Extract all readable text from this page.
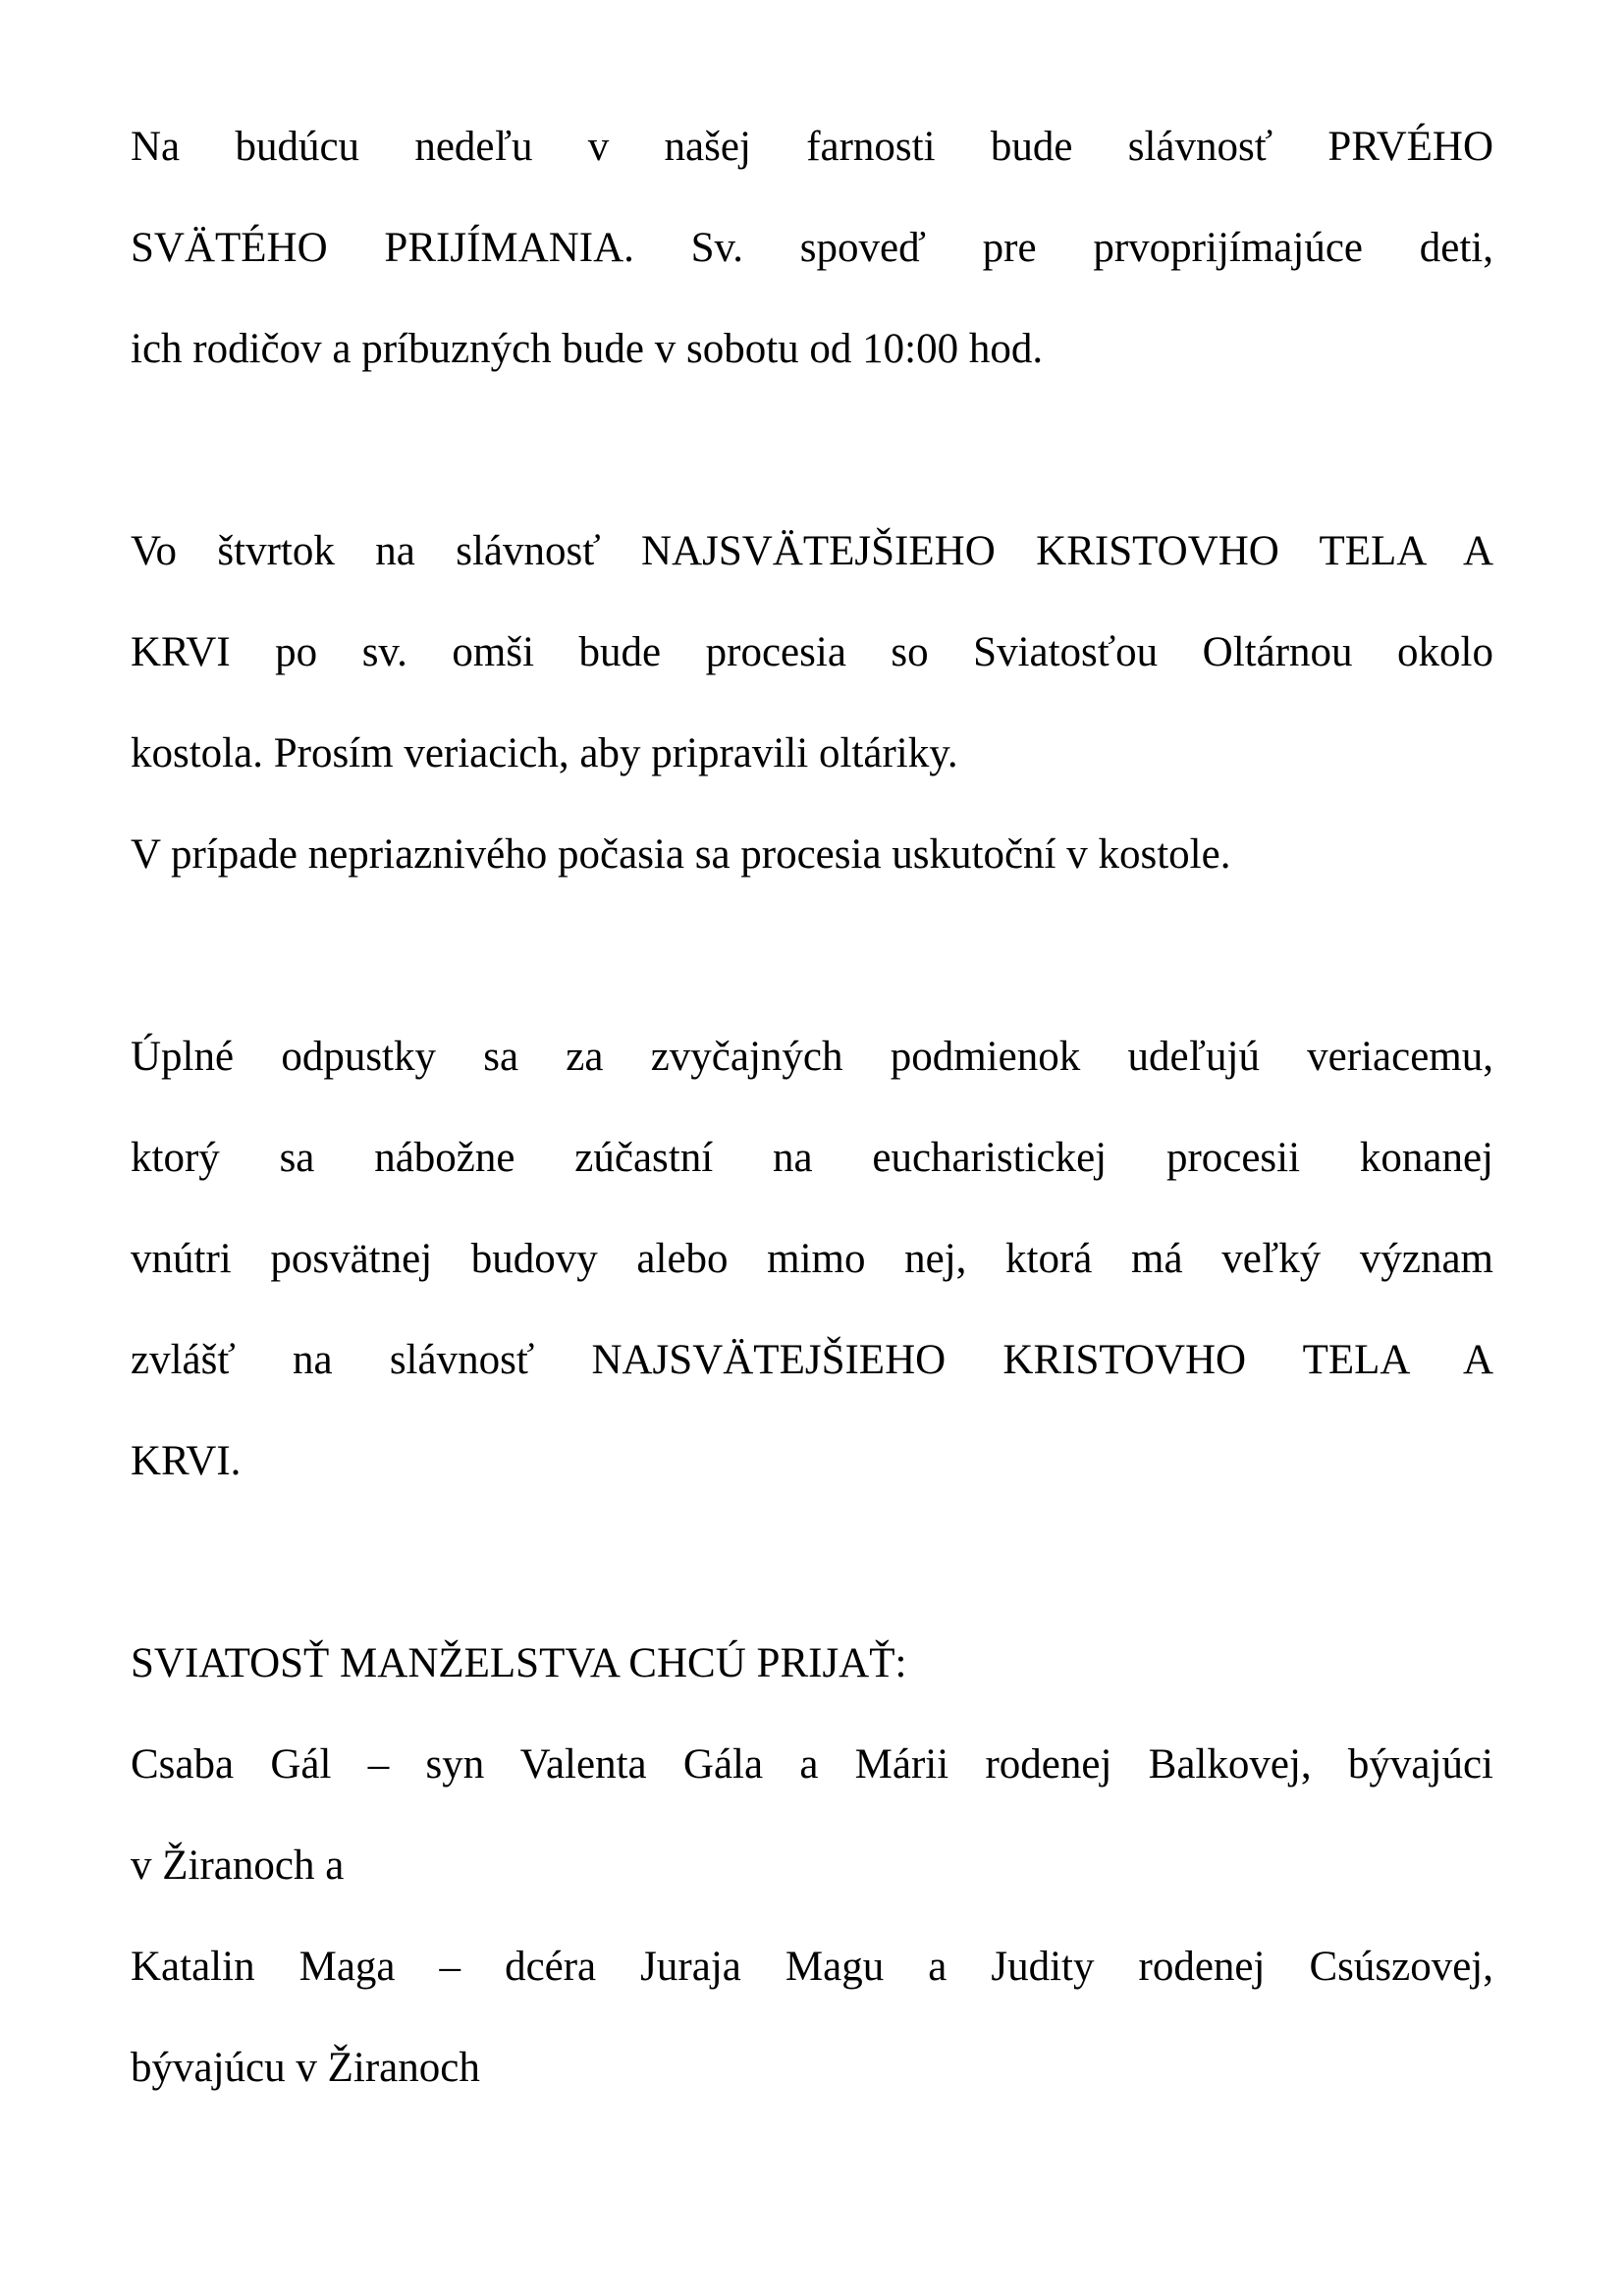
Na budúcu nedeľu v našej farnosti bude slávnosť PRVÉHO
SVÄTÉHO PRIJÍMANIA. Sv. spoveď pre prvoprijímajúce deti,
ich rodičov a príbuzných bude v sobotu od 10:00 hod.
Vo štvrtok na slávnosť NAJSVÄTEJŠIEHO KRISTOVHO TELA A
KRVI po sv. omši bude procesia so Sviatosťou Oltárnou okolo
kostola. Prosím veriacich, aby pripravili oltáriky.
V prípade nepriaznivého počasia sa procesia uskutoční v kostole.
Úplné odpustky sa za zvyčajných podmienok udeľujú veriacemu,
ktorý sa nábožne zúčastní na eucharistickej procesii konanej
vnútri posvätnej budovy alebo mimo nej, ktorá má veľký význam
zvlášť na slávnosť NAJSVÄTEJŠIEHO KRISTOVHO TELA A
KRVI.
SVIATOSŤ MANŽELSTVA CHCÚ PRIJAŤ:
Csaba Gál – syn Valenta Gála a Márii rodenej Balkovej, bývajúci
v Žiranoch a
Katalin Maga – dcéra Juraja Magu a Judity rodenej Csúszovej,
bývajúcu v Žiranoch
